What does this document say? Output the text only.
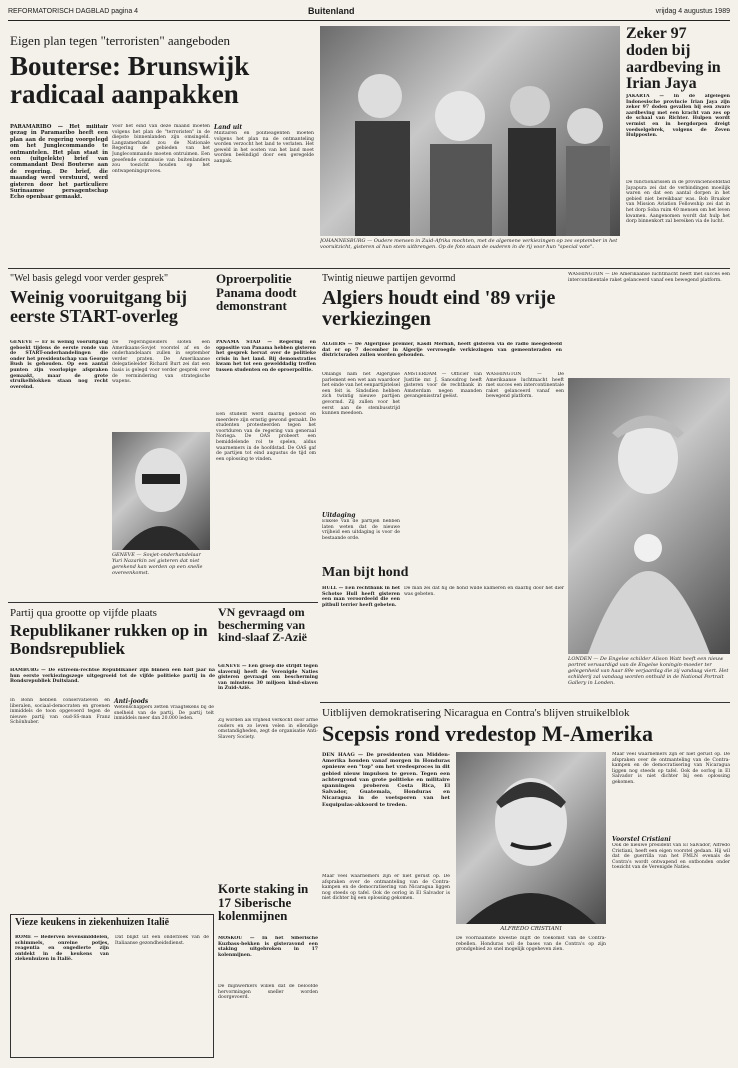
REFORMATORISCH DAGBLAD pagina 4	Buitenland	vrijdag 4 augustus 1989
Eigen plan tegen "terroristen" aangeboden
Bouterse: Brunswijk radicaal aanpakken
PARAMARIBO — Het militair gezag in Paramaribo heeft een plan aan de regering voorgelegd om het Junglecommando te ontmantelen. Het plan staat in een (uitgelekte) brief van commandant Desi Bouterse aan de regering. De brief, die maandag werd verstuurd, werd gisteren door het particuliere Surinaamse persagentschap Echo openbaar gemaakt.
Voor het eind van deze maand moeten volgens het plan de "terroristen" in de diepste binnenlanden zijn omsingeld. Langzamerhand zou de Nationale Regering de gebieden van het Junglecommando moeten ontruimen. Een geoefende commissie van buitenlanders zou toezicht houden op het ontwapeningsproces.
Land uit
Militairen en politieagenten moeten volgens het plan na de ontmanteling worden verzocht het land te verlaten. Het geweld in het oosten van het land moet worden beëindigd door een geregelde aanpak.
JOHANNESBURG — Oudere mensen in Zuid-Afrika mochten, met de algemene verkiezingen op zes september in het vooruitzicht, gisteren al hun stem uitbrengen. Op de foto staan de ouderen in de rij voor hun "special vote".
Zeker 97 doden bij aardbeving in Irian Jaya
JAKARTA — In de afgelegen Indonesische provincie Irian Jaya zijn zeker 97 doden gevallen bij een zware aardbeving met een kracht van zes op de schaal van Richter. Hulpen wordt vermist en in bergdorpen dreigt voedselgebrek, volgens de Zeven Hulpposten.
De functionarissen in de provinciehoofdstad Jayapura zei dat de verbindingen moeilijk waren en dat een aantal dorpen in het gebied niet bereikbaar was. Bob Bruaker van Mission Aviation Fellowship zei dat in het dorp Soba ruim 40 mensen om het leven kwamen. Aangenomen wordt dat hulp het dorp binnenkort zal bereiken via de lucht.
"Wel basis gelegd voor verder gesprek"
Weinig vooruitgang bij eerste START-overleg
GENEVE — Er is weinig vooruitgang geboekt tijdens de eerste ronde van de START-onderhandelingen die onder het presidentschap van George Bush is gehouden. Op een aantal punten zijn voorlopige afspraken gemaakt, maar de grote struikelblokken staan nog recht overeind.
De regeringsleiders sloten een Amerikaans-Sovjet voorstel af en de onderhandelaars zullen in september verder praten. De Amerikaanse delegatieleider Richard Burt zei dat een basis is gelegd voor verder gesprek over de vermindering van strategische wapens.
GENEVE — Sovjet-onderhandelaar Yuri Nazarkin zei gisteren dat niet gerekend kan worden op een snelle overeenkomst.
Oproerpolitie Panama doodt demonstrant
PANAMA STAD — Regering en oppositie van Panama hebben gisteren het gesprek hervat over de politieke crisis in het land. Bij demonstraties kwam het tot een gewelddadig treffen tussen studenten en de oproerpolitie.
Een student werd daarbij gedood en meerdere zijn ernstig gewond geraakt. De studenten protesteerden tegen het voortduren van de regering van generaal Noriega. De OAS probeert een bemiddelende rol te spelen, aldus waarnemers in de hoofdstad. De OAS gaf de partijen tot eind augustus de tijd om een oplossing te vinden.
Twintig nieuwe partijen gevormd
Algiers houdt eind '89 vrije verkiezingen
ALGIERS — De Algerijnse premier, Kasdi Merbah, heeft gisteren via de radio meegedeeld dat er op 7 december in Algerije vervroegde verkiezingen van gemeenteraden en districtsraden zullen worden gehouden.
Onlangs nam het Algerijnse parlement een wet aan waardoor het einde van het eenpartijstelsel een feit is. Sindsdien hebben zich twintig nieuwe partijen gevormd. Zij zullen voor het eerst aan de stembusstrijd kunnen meedoen.
Uitdaging
Enkele van de partijen hebben laten weten dat de nieuwe vrijheid een uitdaging is voor de bestaande orde.
AMSTERDAM — Officier van Justitie mr. J. Sanoudrog heeft gisteren voor de rechtbank in Amsterdam negen maanden gevangenisstraf geëist.
WASHINGTON — De Amerikaanse luchtmacht heeft met succes een intercontinentale raket gelanceerd vanaf een bewegend platform.
WASHINGTON — De Amerikaanse luchtmacht heeft met succes een intercontinentale raket gelanceerd vanaf een bewegend platform.
LONDEN — De Engelse schilder Alison Watt heeft een nieuw portret vervaardigd van de Engelse koningin-moeder ter gelegenheid van haar 89e verjaardag die zij vandaag viert. Het schilderij zal vandaag worden onthuld in de National Portrait Gallery in Londen.
Man bijt hond
HULL — Een rechtbank in het Schotse Hull heeft gisteren een man veroordeeld die een pitbull terrier heeft gebeten.
De man zei dat hij de hond wilde kalmeren en daarbij door het dier was gebeten.
Partij qua grootte op vijfde plaats
Republikaner rukken op in Bondsrepubliek
HAMBURG — De extreem-rechtse Republikaner zijn binnen een half jaar na hun eerste verkiezingszege uitgegroeid tot de vijfde politieke partij in de Bondsrepubliek Duitsland.
In Bonn hebben conservatieven en liberalen, sociaal-democraten en groenen inmiddels de toon opgevoerd tegen de nieuwe partij van oud-SS-man Franz Schönhuber.
Anti-joods
Wetenschappers zetten vraagtekens bij de snelheid van de partij. De partij telt inmiddels meer dan 20.000 leden.
VN gevraagd om bescherming van kind-slaaf Z-Azië
GENEVE — Een groep die strijdt tegen slavernij heeft de Verenigde Naties gisteren gevraagd om bescherming van minstens 30 miljoen kind-slaven in Zuid-Azië.
Zij worden als vrijheid verkocht door arme ouders en zo leven velen in ellendige omstandigheden, zegt de organisatie Anti-Slavery Society.
Korte staking in 17 Siberische kolenmijnen
MOSKOU — In het Siberische Kuzbass-bekken is gisteravond een staking uitgebroken in 17 kolenmijnen.
De mijnwerkers willen dat de beloofde hervormingen sneller worden doorgevoerd.
Vieze keukens in ziekenhuizen Italië
ROME — Bederven levensmiddelen, schimmels, onreine potjes, reagentia en ongedierte zijn ontdekt in de keukens van ziekenhuizen in Italië.
Dat blijkt uit een onderzoek van de Italiaanse gezondheidsdienst.
Uitblijven demokratisering Nicaragua en Contra's blijven struikelblok
Scepsis rond vredestop M-Amerika
DEN HAAG — De presidenten van Midden-Amerika houden vanaf morgen in Honduras opnieuw een "top" om het vredesproces in dit gebied nieuw impulsen te geven. Tegen een achtergrond van grote politieke en militaire spanningen proberen Costa Rica, El Salvador, Guatemala, Honduras en Nicaragua in de voetsporen van het Esquipulas-akkoord te treden.
Maar veel waarnemers zijn er niet gerust op. De afspraken over de ontmanteling van de Contra-kampen en de democratisering van Nicaragua liggen nog steeds op tafel. Ook de oorlog in El Salvador is niet dichter bij een oplossing gekomen.
ALFREDO CRISTIANI
De voornaamste kwestie blijft de toekomst van de Contra-rebellen. Honduras wil de bases van de Contra's op zijn grondgebied zo snel mogelijk opgeheven zien.
Maar veel waarnemers zijn er niet gerust op. De afspraken over de ontmanteling van de Contra-kampen en de democratisering van Nicaragua liggen nog steeds op tafel. Ook de oorlog in El Salvador is niet dichter bij een oplossing gekomen.
Voorstel Cristiani
Ook de nieuwe president van El Salvador, Alfredo Cristiani, heeft een eigen voorstel gedaan. Hij wil dat de guerrilla van het FMLN evenals de Contra's wordt ontwapend en ontbonden onder toezicht van de Verenigde Naties.
